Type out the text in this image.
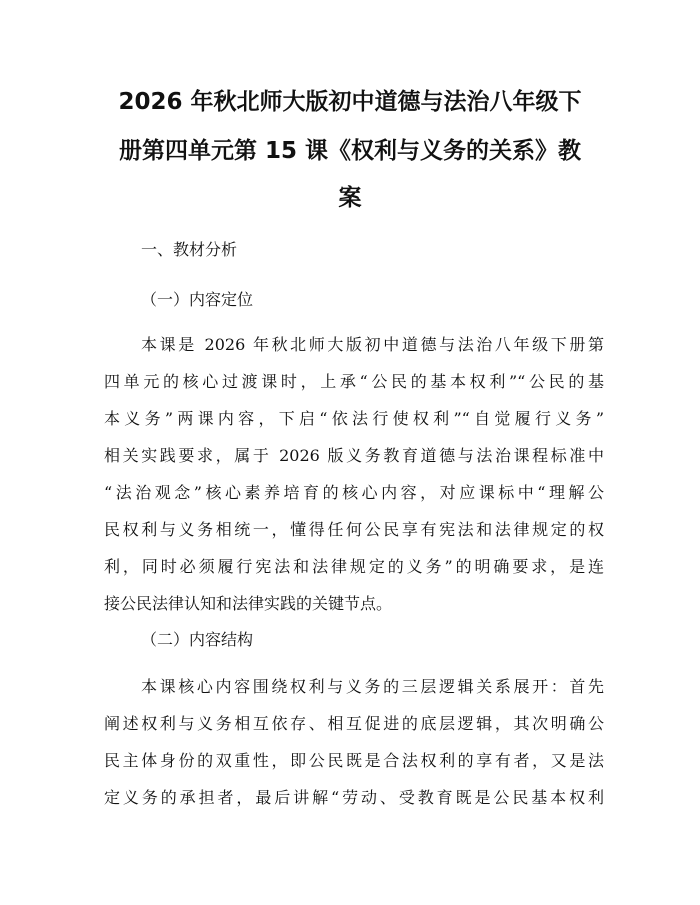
2026 年秋北师大版初中道德与法治八年级下
册第四单元第 15 课《权利与义务的关系》教
案
一、教材分析
（一）内容定位
本课是 2026 年秋北师大版初中道德与法治八年级下册第
四单元的核心过渡课时，上承“公民的基本权利”“公民的基
本义务”两课内容，下启“依法行使权利”“自觉履行义务”
相关实践要求，属于 2026 版义务教育道德与法治课程标准中
“法治观念”核心素养培育的核心内容，对应课标中“理解公
民权利与义务相统一，懂得任何公民享有宪法和法律规定的权
利，同时必须履行宪法和法律规定的义务”的明确要求，是连
接公民法律认知和法律实践的关键节点。
（二）内容结构
本课核心内容围绕权利与义务的三层逻辑关系展开：首先
阐述权利与义务相互依存、相互促进的底层逻辑，其次明确公
民主体身份的双重性，即公民既是合法权利的享有者，又是法
定义务的承担者，最后讲解“劳动、受教育既是公民基本权利
